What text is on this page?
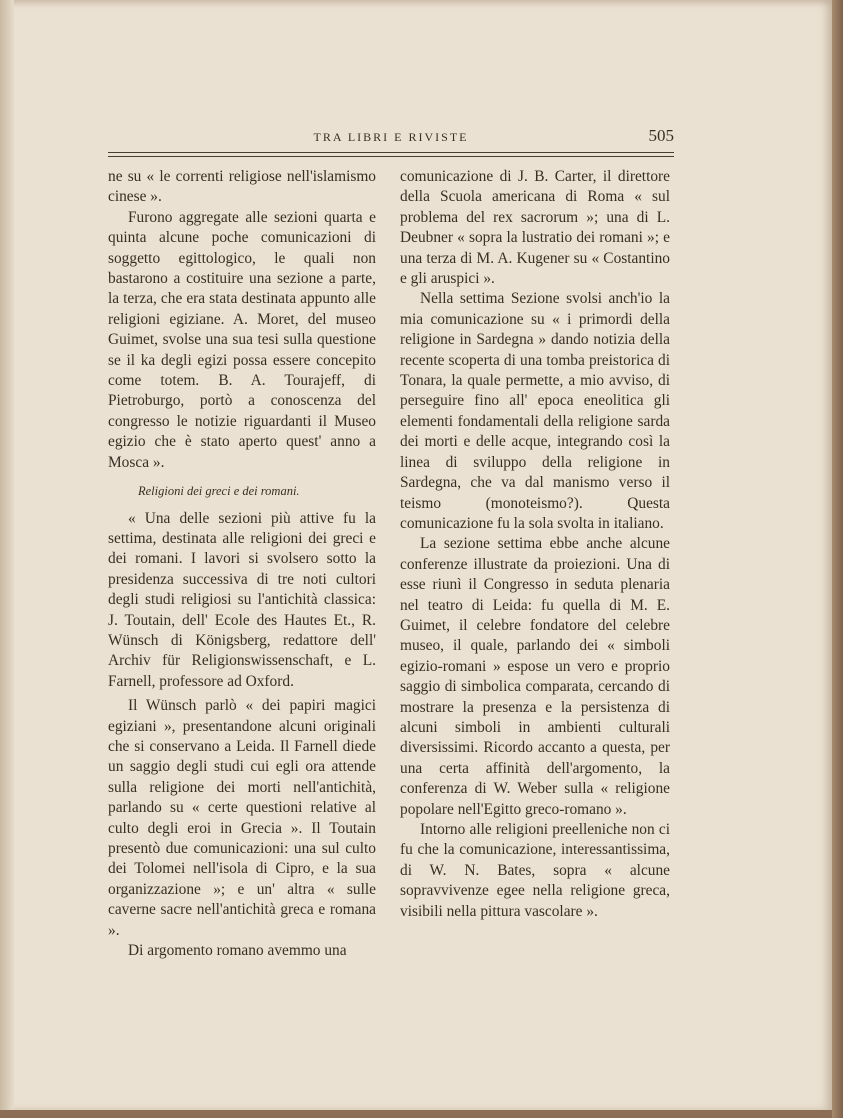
TRA LIBRI E RIVISTE	505

ne su « le correnti religiose nell'islamismo cinese ».

Furono aggregate alle sezioni quarta e quinta alcune poche comunicazioni di soggetto egittologico, le quali non bastarono a costituire una sezione a parte, la terza, che era stata destinata appunto alle religioni egiziane. A. Moret, del museo Guimet, svolse una sua tesi sulla questione se il ka degli egizi possa essere concepito come totem. B. A. Tourajeff, di Pietroburgo, portò a conoscenza del congresso le notizie riguardanti il Museo egizio che è stato aperto quest' anno a Mosca ».

Religioni dei greci e dei romani.

« Una delle sezioni più attive fu la settima, destinata alle religioni dei greci e dei romani. I lavori si svolsero sotto la presidenza successiva di tre noti cultori degli studi religiosi su l'antichità classica: J. Toutain, dell' Ecole des Hautes Et., R. Wünsch di Königsberg, redattore dell' Archiv für Religionswissenschaft, e L. Farnell, professore ad Oxford.

Il Wünsch parlò « dei papiri magici egiziani », presentandone alcuni originali che si conservano a Leida. Il Farnell diede un saggio degli studi cui egli ora attende sulla religione dei morti nell'antichità, parlando su « certe questioni relative al culto degli eroi in Grecia ». Il Toutain presentò due comunicazioni: una sul culto dei Tolomei nell'isola di Cipro, e la sua organizzazione »; e un' altra « sulle caverne sacre nell'antichità greca e romana ».

Di argomento romano avemmo una

comunicazione di J. B. Carter, il direttore della Scuola americana di Roma « sul problema del rex sacrorum »; una di L. Deubner « sopra la lustratio dei romani »; e una terza di M. A. Kugener su « Costantino e gli aruspici ».

Nella settima Sezione svolsi anch'io la mia comunicazione su « i primordi della religione in Sardegna » dando notizia della recente scoperta di una tomba preistorica di Tonara, la quale permette, a mio avviso, di perseguire fino all' epoca eneolitica gli elementi fondamentali della religione sarda dei morti e delle acque, integrando così la linea di sviluppo della religione in Sardegna, che va dal manismo verso il teismo (monoteismo?). Questa comunicazione fu la sola svolta in italiano.

La sezione settima ebbe anche alcune conferenze illustrate da proiezioni. Una di esse riunì il Congresso in seduta plenaria nel teatro di Leida: fu quella di M. E. Guimet, il celebre fondatore del celebre museo, il quale, parlando dei « simboli egizio-romani » espose un vero e proprio saggio di simbolica comparata, cercando di mostrare la presenza e la persistenza di alcuni simboli in ambienti culturali diversissimi. Ricordo accanto a questa, per una certa affinità dell'argomento, la conferenza di W. Weber sulla « religione popolare nell'Egitto greco-romano ».

Intorno alle religioni preelleniche non ci fu che la comunicazione, interessantissima, di W. N. Bates, sopra « alcune sopravvivenze egee nella religione greca, visibili nella pittura vascolare ».
